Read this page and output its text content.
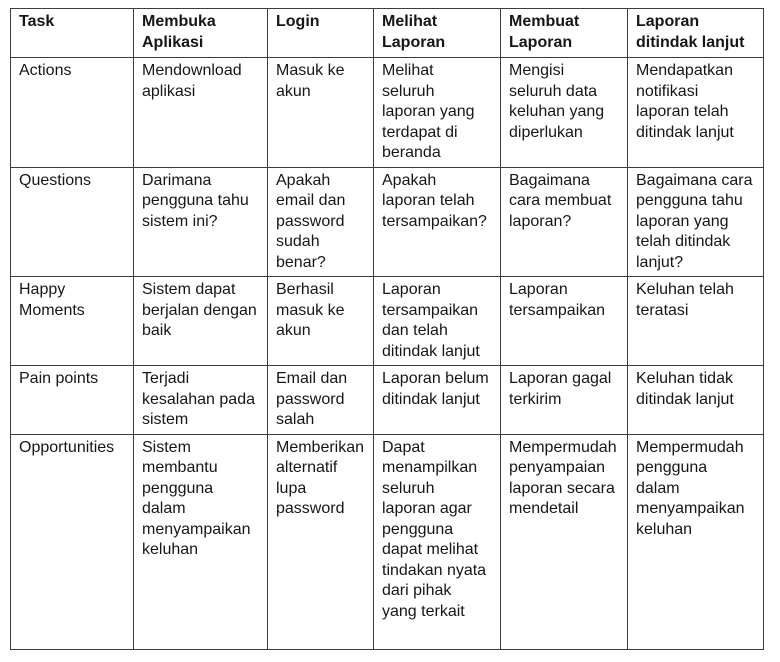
Task	Membuka Aplikasi	Login	Melihat Laporan	Membuat Laporan	Laporan ditindak lanjut
Actions	Mendownload aplikasi	Masuk ke akun	Melihat seluruh laporan yang terdapat di beranda	Mengisi seluruh data keluhan yang diperlukan	Mendapatkan notifikasi laporan telah ditindak lanjut
Questions	Darimana pengguna tahu sistem ini?	Apakah email dan password sudah benar?	Apakah laporan telah tersampaikan?	Bagaimana cara membuat laporan?	Bagaimana cara pengguna tahu laporan yang telah ditindak lanjut?
Happy Moments	Sistem dapat berjalan dengan baik	Berhasil masuk ke akun	Laporan tersampaikan dan telah ditindak lanjut	Laporan tersampaikan	Keluhan telah teratasi
Pain points	Terjadi kesalahan pada sistem	Email dan password salah	Laporan belum ditindak lanjut	Laporan gagal terkirim	Keluhan tidak ditindak lanjut
Opportunities	Sistem membantu pengguna dalam menyampaikan keluhan	Memberikan alternatif lupa password	Dapat menampilkan seluruh laporan agar pengguna dapat melihat tindakan nyata dari pihak yang terkait	Mempermudah penyampaian laporan secara mendetail	Mempermudah pengguna dalam menyampaikan keluhan
